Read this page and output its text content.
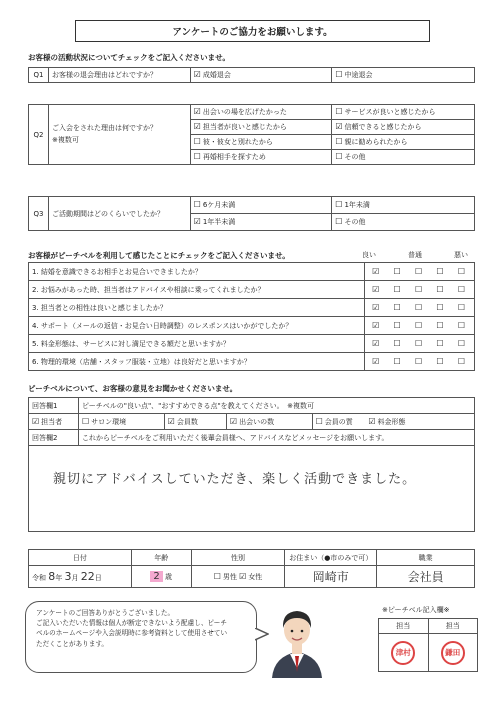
アンケートのご協力をお願いします。
お客様の活動状況についてチェックをご記入くださいませ。
Q1	お客様の退会理由はどれですか？	☑ 成婚退会	☐ 中途退会
Q2	ご入会をされた理由は何ですか？
※複数可	☑ 出会いの場を広げたかった	☐ サービスが良いと感じたから
		☑ 担当者が良いと感じたから	☑ 信頼できると感じたから
		☐ 彼・彼女と別れたから	☐ 親に勧められたから
		☐ 再婚相手を探すため	☐ その他
Q3	ご活動期間はどのくらいでしたか？	☐ 6ケ月未満	☐ 1年未満
		☑ 1年半未満	☐ その他
お客様がピーチベルを利用して感じたことにチェックをご記入くださいませ。	良い	普通	悪い
1. 結婚を意識できるお相手とお見合いできましたか？	☑ ☐ ☐ ☐ ☐

2. お悩みがあった時、担当者はアドバイスや相談に乗ってくれましたか？	☑ ☐ ☐ ☐ ☐

3. 担当者との相性は良いと感じましたか？	☑ ☐ ☐ ☐ ☐

4. サポート（メールの返信・お見合い日時調整）のレスポンスはいかがでしたか？	☑ ☐ ☐ ☐ ☐

5. 料金形態は、サービスに対し満足できる額だと思いますか？	☑ ☐ ☐ ☐ ☐

6. 物理的環境（店舗・スタッフ服装・立地）は良好だと思いますか？	☑ ☐ ☐ ☐ ☐
ピーチベルについて、お客様の意見をお聞かせくださいませ。
回答欄1	ピーチベルの"良い点"、"おすすめできる点"を教えてください。　※複数可			
☑ 担当者	☐ サロン環境	☑ 会員数	☑ 出会いの数	☐ 会員の質 ☑ 料金形態
回答欄2	これからピーチベルをご利用いただく後輩会員様へ、アドバイスなどメッセージをお願いします。			

親切にアドバイスしていただき、楽しく活動できました。				
日付	年齢	性別	お住まい（●市のみで可）	職業
令和 8年 3月 22日	2 歳	☐ 男性 ☑ 女性	岡崎市	会社員
アンケートのご回答ありがとうございました。
ご記入いただいた情報は個人が断定できないよう配慮し、ピーチ
ベルのホームページや入会説明時に参考資料として使用させてい
ただくことがあります。
※ピーチベル記入欄※
担当	担当

津村	鎌田
